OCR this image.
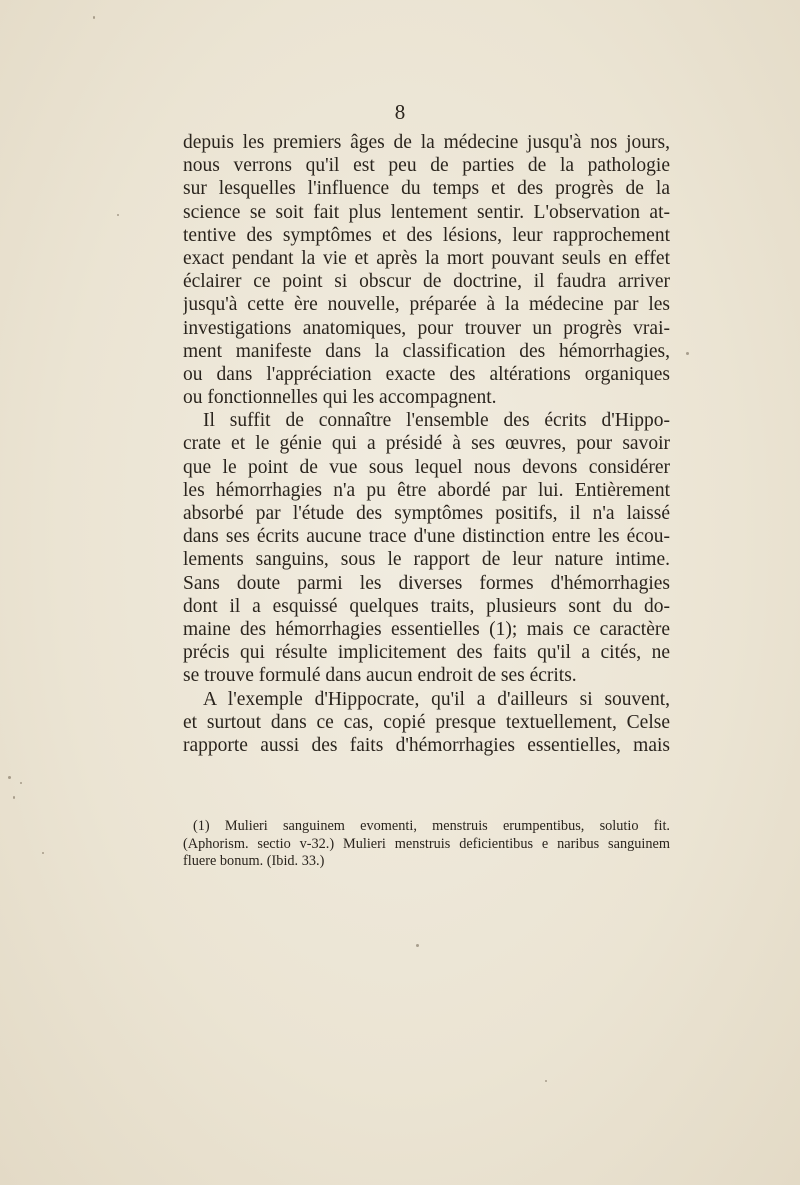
8
depuis les premiers âges de la médecine jusqu'à nos jours,
nous verrons qu'il est peu de parties de la pathologie
sur lesquelles l'influence du temps et des progrès de la
science se soit fait plus lentement sentir. L'observation at-
tentive des symptômes et des lésions, leur rapprochement
exact pendant la vie et après la mort pouvant seuls en effet
éclairer ce point si obscur de doctrine, il faudra arriver
jusqu'à cette ère nouvelle, préparée à la médecine par les
investigations anatomiques, pour trouver un progrès vrai-
ment manifeste dans la classification des hémorrhagies,
ou dans l'appréciation exacte des altérations organiques
ou fonctionnelles qui les accompagnent.
Il suffit de connaître l'ensemble des écrits d'Hippo-
crate et le génie qui a présidé à ses œuvres, pour savoir
que le point de vue sous lequel nous devons considérer
les hémorrhagies n'a pu être abordé par lui. Entièrement
absorbé par l'étude des symptômes positifs, il n'a laissé
dans ses écrits aucune trace d'une distinction entre les écou-
lements sanguins, sous le rapport de leur nature intime.
Sans doute parmi les diverses formes d'hémorrhagies
dont il a esquissé quelques traits, plusieurs sont du do-
maine des hémorrhagies essentielles (1); mais ce caractère
précis qui résulte implicitement des faits qu'il a cités, ne
se trouve formulé dans aucun endroit de ses écrits.
A l'exemple d'Hippocrate, qu'il a d'ailleurs si souvent,
et surtout dans ce cas, copié presque textuellement, Celse
rapporte aussi des faits d'hémorrhagies essentielles, mais
(1) Mulieri sanguinem evomenti, menstruis erumpentibus, solutio fit.
(Aphorism. sectio v-32.) Mulieri menstruis deficientibus e naribus sanguinem
fluere bonum. (Ibid. 33.)
